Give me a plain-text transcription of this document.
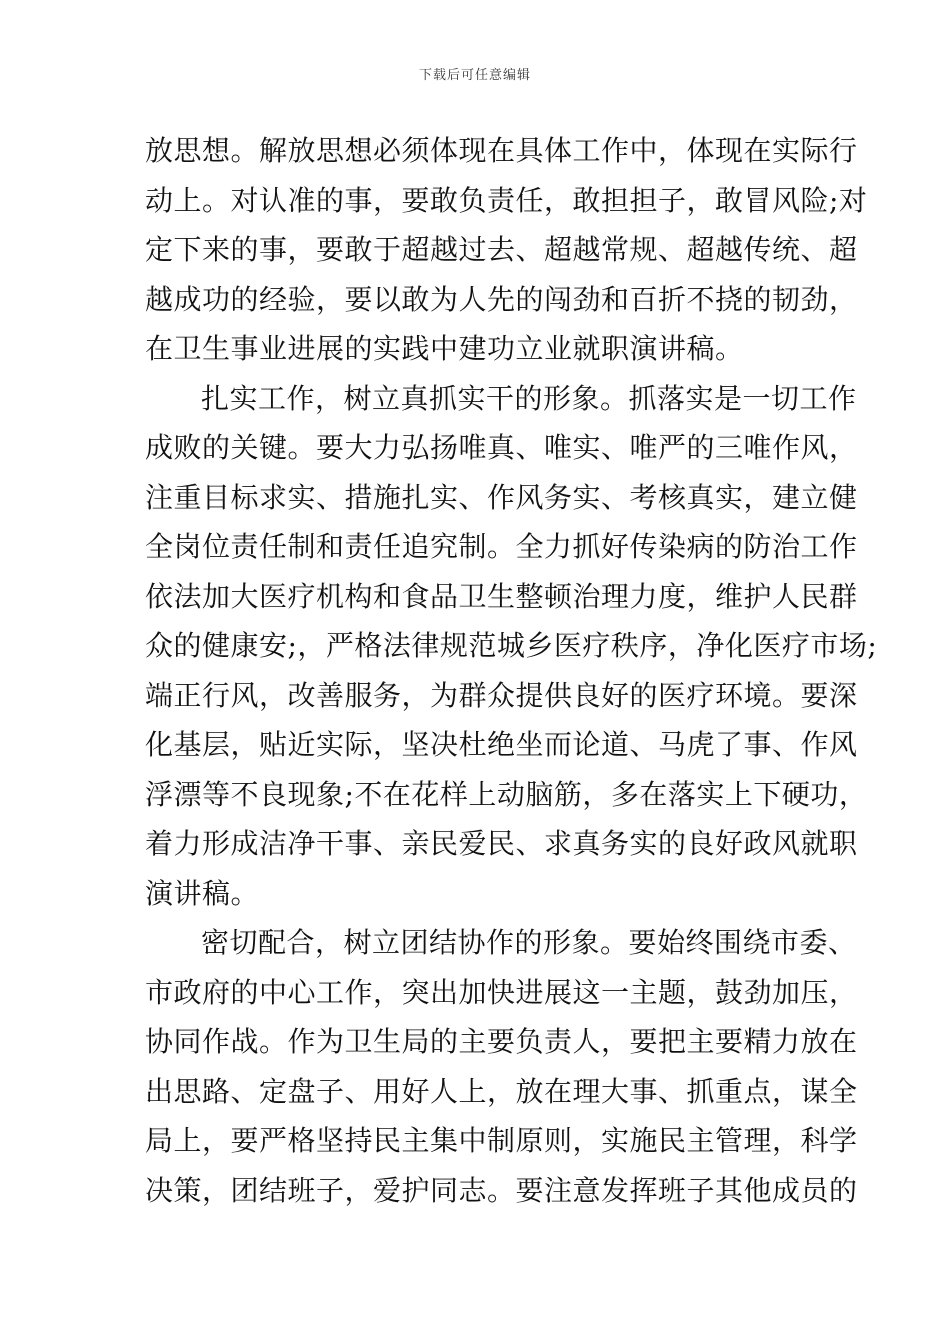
下载后可任意编辑
放思想。解放思想必须体现在具体工作中，体现在实际行
动上。对认准的事，要敢负责任，敢担担子，敢冒风险;对
定下来的事，要敢于超越过去、超越常规、超越传统、超
越成功的经验，要以敢为人先的闯劲和百折不挠的韧劲，
在卫生事业进展的实践中建功立业就职演讲稿。
扎实工作，树立真抓实干的形象。抓落实是一切工作
成败的关键。要大力弘扬唯真、唯实、唯严的三唯作风，
注重目标求实、措施扎实、作风务实、考核真实，建立健
全岗位责任制和责任追究制。全力抓好传染病的防治工作
依法加大医疗机构和食品卫生整顿治理力度，维护人民群
众的健康安;，严格法律规范城乡医疗秩序，净化医疗市场;
端正行风，改善服务，为群众提供良好的医疗环境。要深
化基层，贴近实际，坚决杜绝坐而论道、马虎了事、作风
浮漂等不良现象;不在花样上动脑筋，多在落实上下硬功，
着力形成洁净干事、亲民爱民、求真务实的良好政风就职
演讲稿。
密切配合，树立团结协作的形象。要始终围绕市委、
市政府的中心工作，突出加快进展这一主题，鼓劲加压，
协同作战。作为卫生局的主要负责人，要把主要精力放在
出思路、定盘子、用好人上，放在理大事、抓重点，谋全
局上，要严格坚持民主集中制原则，实施民主管理，科学
决策，团结班子，爱护同志。要注意发挥班子其他成员的
